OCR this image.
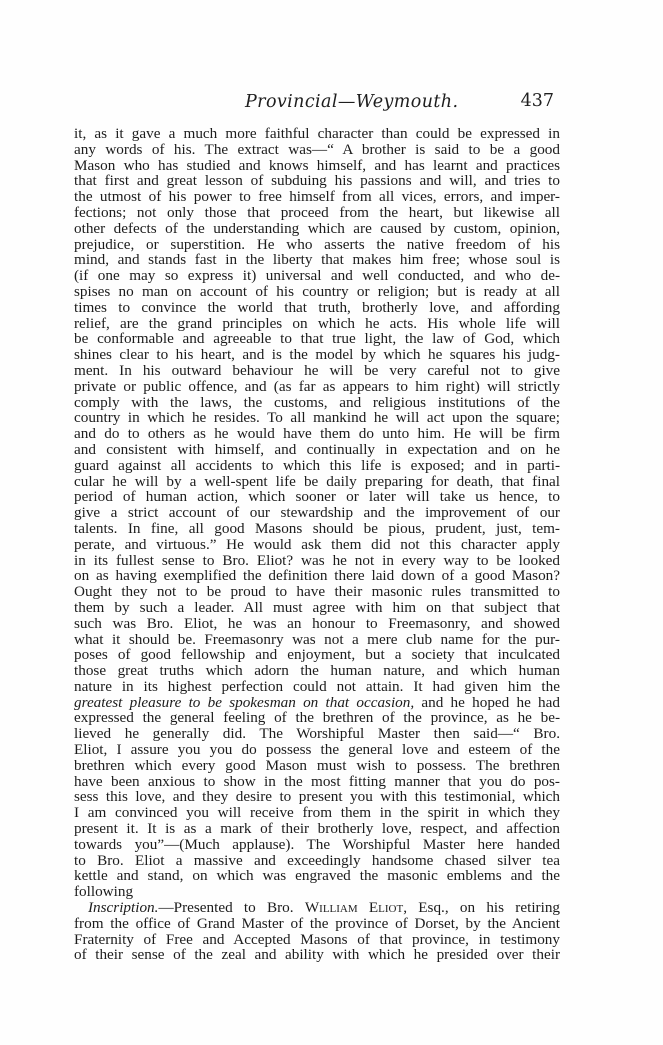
Provincial—Weymouth.	437
it, as it gave a much more faithful character than could be expressed in
any words of his. The extract was—“ A brother is said to be a good
Mason who has studied and knows himself, and has learnt and practices
that first and great lesson of subduing his passions and will, and tries to
the utmost of his power to free himself from all vices, errors, and imper-
fections; not only those that proceed from the heart, but likewise all
other defects of the understanding which are caused by custom, opinion,
prejudice, or superstition. He who asserts the native freedom of his
mind, and stands fast in the liberty that makes him free; whose soul is
(if one may so express it) universal and well conducted, and who de-
spises no man on account of his country or religion; but is ready at all
times to convince the world that truth, brotherly love, and affording
relief, are the grand principles on which he acts. His whole life will
be conformable and agreeable to that true light, the law of God, which
shines clear to his heart, and is the model by which he squares his judg-
ment. In his outward behaviour he will be very careful not to give
private or public offence, and (as far as appears to him right) will strictly
comply with the laws, the customs, and religious institutions of the
country in which he resides. To all mankind he will act upon the square;
and do to others as he would have them do unto him. He will be firm
and consistent with himself, and continually in expectation and on he
guard against all accidents to which this life is exposed; and in parti-
cular he will by a well-spent life be daily preparing for death, that final
period of human action, which sooner or later will take us hence, to
give a strict account of our stewardship and the improvement of our
talents. In fine, all good Masons should be pious, prudent, just, tem-
perate, and virtuous.” He would ask them did not this character apply
in its fullest sense to Bro. Eliot? was he not in every way to be looked
on as having exemplified the definition there laid down of a good Mason?
Ought they not to be proud to have their masonic rules transmitted to
them by such a leader. All must agree with him on that subject that
such was Bro. Eliot, he was an honour to Freemasonry, and showed
what it should be. Freemasonry was not a mere club name for the pur-
poses of good fellowship and enjoyment, but a society that inculcated
those great truths which adorn the human nature, and which human
nature in its highest perfection could not attain. It had given him the
greatest pleasure to be spokesman on that occasion, and he hoped he had
expressed the general feeling of the brethren of the province, as he be-
lieved he generally did. The Worshipful Master then said—“ Bro.
Eliot, I assure you you do possess the general love and esteem of the
brethren which every good Mason must wish to possess. The brethren
have been anxious to show in the most fitting manner that you do pos-
sess this love, and they desire to present you with this testimonial, which
I am convinced you will receive from them in the spirit in which they
present it. It is as a mark of their brotherly love, respect, and affection
towards you”—(Much applause). The Worshipful Master here handed
to Bro. Eliot a massive and exceedingly handsome chased silver tea
kettle and stand, on which was engraved the masonic emblems and the
following
Inscription.—Presented to Bro. William Eliot, Esq., on his retiring
from the office of Grand Master of the province of Dorset, by the Ancient
Fraternity of Free and Accepted Masons of that province, in testimony
of their sense of the zeal and ability with which he presided over their
